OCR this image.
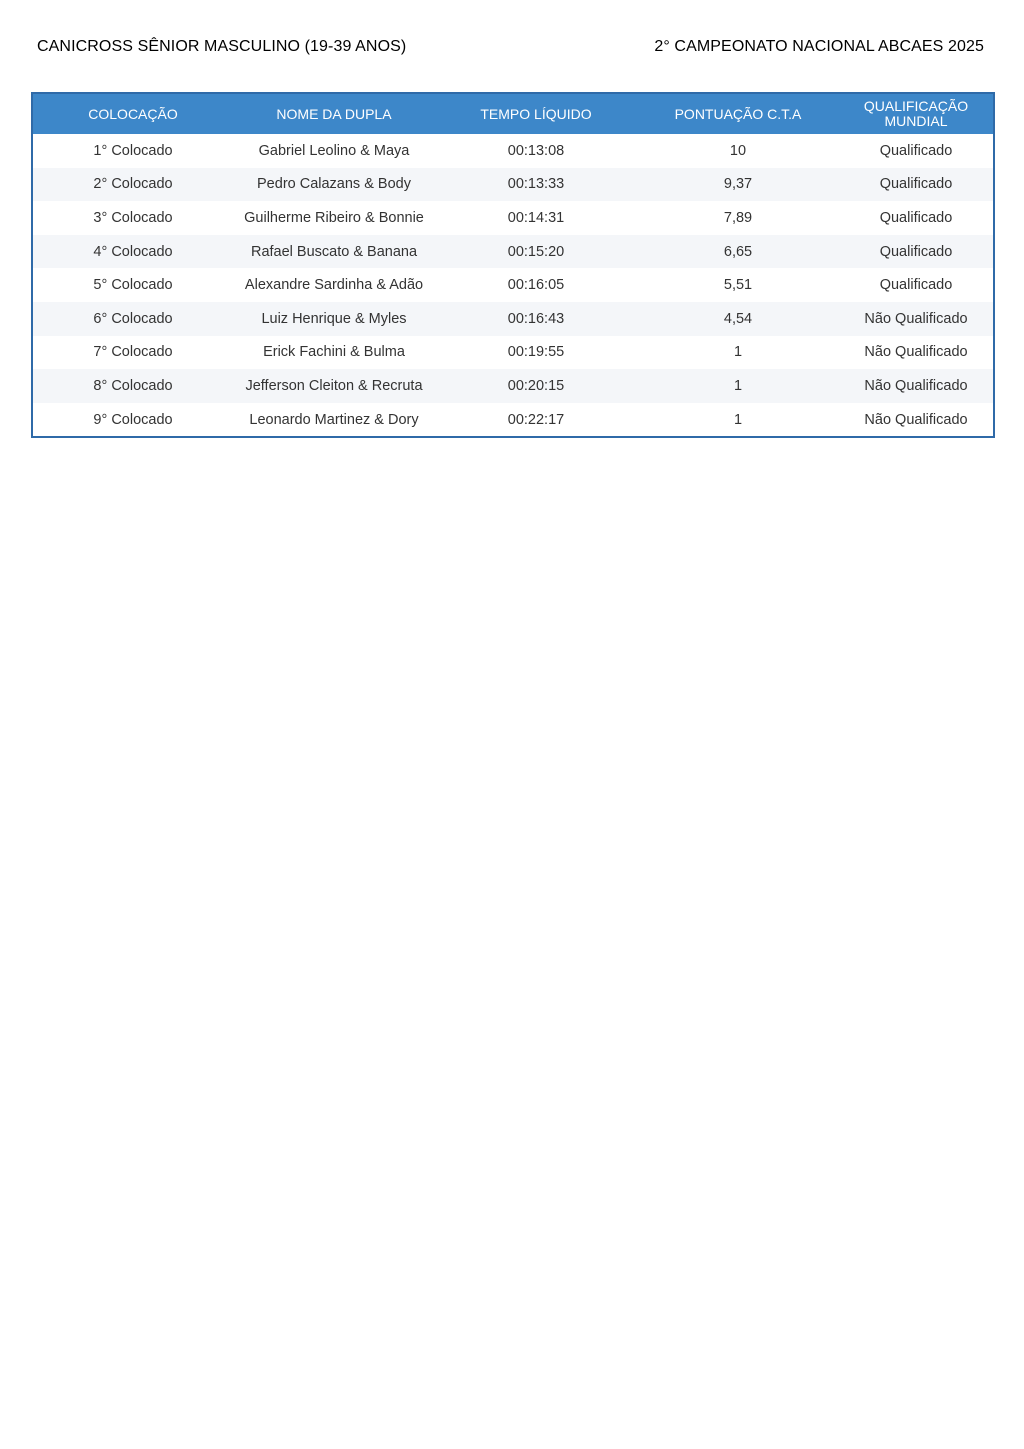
CANICROSS SÊNIOR MASCULINO (19-39 ANOS)	2° CAMPEONATO NACIONAL ABCAES 2025
COLOCAÇÃO	NOME DA DUPLA	TEMPO LÍQUIDO	PONTUAÇÃO C.T.A	QUALIFICAÇÃO MUNDIAL
1° Colocado	Gabriel Leolino & Maya	00:13:08	10	Qualificado
2° Colocado	Pedro Calazans & Body	00:13:33	9,37	Qualificado
3° Colocado	Guilherme Ribeiro & Bonnie	00:14:31	7,89	Qualificado
4° Colocado	Rafael Buscato & Banana	00:15:20	6,65	Qualificado
5° Colocado	Alexandre Sardinha & Adão	00:16:05	5,51	Qualificado
6° Colocado	Luiz Henrique & Myles	00:16:43	4,54	Não Qualificado
7° Colocado	Erick Fachini & Bulma	00:19:55	1	Não Qualificado
8° Colocado	Jefferson Cleiton & Recruta	00:20:15	1	Não Qualificado
9° Colocado	Leonardo Martinez & Dory	00:22:17	1	Não Qualificado
